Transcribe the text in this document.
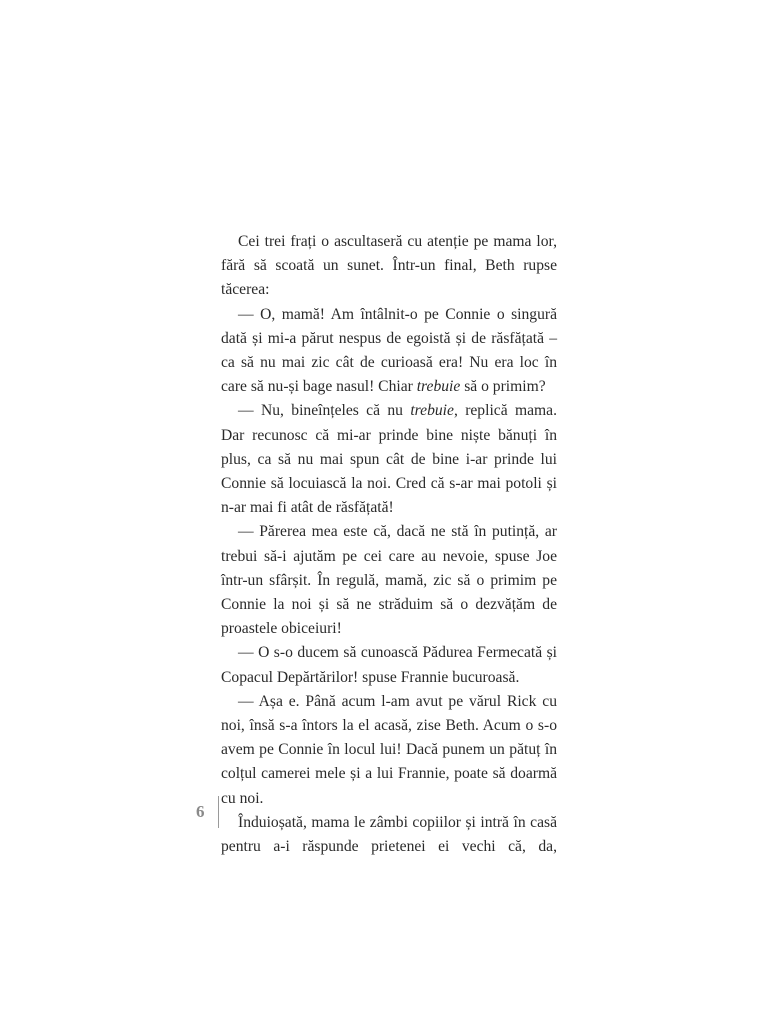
Cei trei frați o ascultaseră cu atenție pe mama lor, fără să scoată un sunet. Într-un final, Beth rupse tăcerea:

— O, mamă! Am întâlnit-o pe Connie o singură dată și mi-a părut nespus de egoistă și de răsfățată – ca să nu mai zic cât de curioasă era! Nu era loc în care să nu-și bage nasul! Chiar trebuie să o primim?

— Nu, bineînțeles că nu trebuie, replică mama. Dar recunosc că mi-ar prinde bine niște bănuți în plus, ca să nu mai spun cât de bine i-ar prinde lui Connie să locuiască la noi. Cred că s-ar mai potoli și n-ar mai fi atât de răsfățată!

— Părerea mea este că, dacă ne stă în putință, ar trebui să-i ajutăm pe cei care au nevoie, spuse Joe într-un sfârșit. În regulă, mamă, zic să o primim pe Connie la noi și să ne străduim să o dezvățăm de proastele obiceiuri!

— O s-o ducem să cunoască Pădurea Fermecată și Copacul Depărtărilor! spuse Frannie bucuroasă.

— Așa e. Până acum l-am avut pe vărul Rick cu noi, însă s-a întors la el acasă, zise Beth. Acum o s-o avem pe Connie în locul lui! Dacă punem un pătuț în colțul camerei mele și a lui Frannie, poate să doarmă cu noi.

Înduioșată, mama le zâmbi copiilor și intră în casă pentru a-i răspunde prietenei ei vechi că, da,

6
